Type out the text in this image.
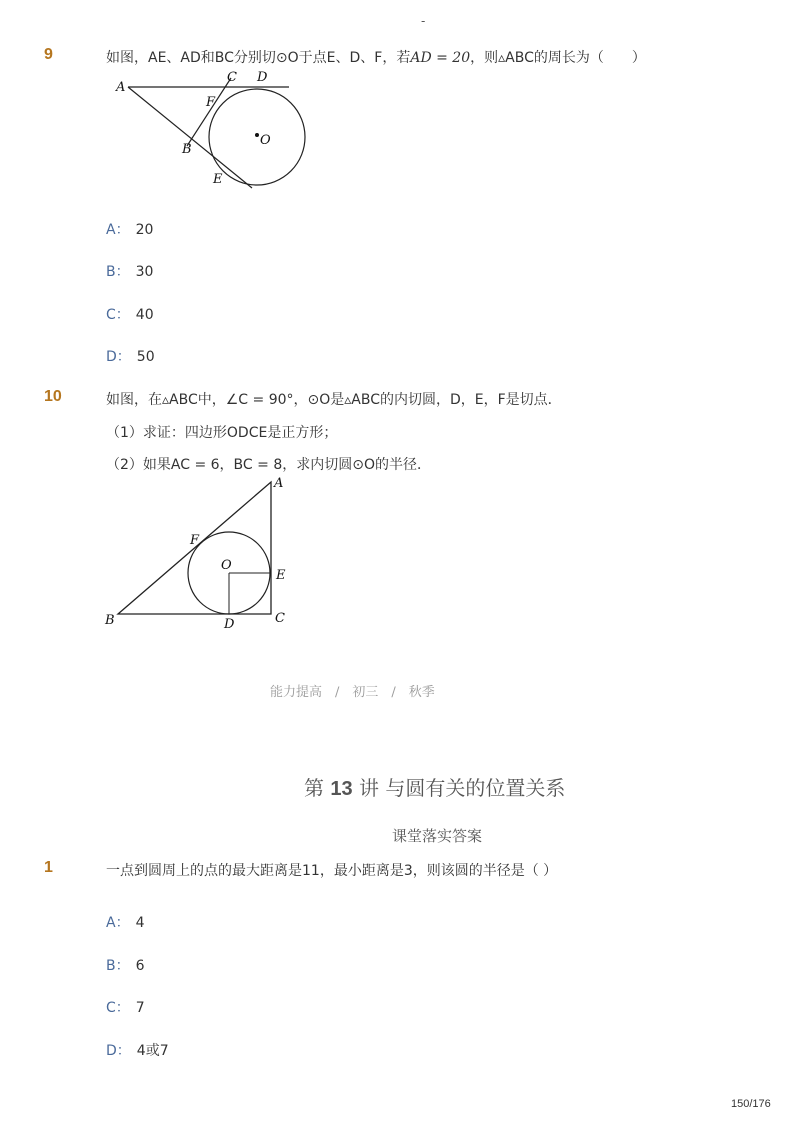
-
9	如图，AE、AD和BC分别切⊙O于点E、D、F，若AD = 20，则▵ABC的周长为（　　）
A
C D
F
B
O
E
A： 20
B： 30
C： 40
D： 50
10	如图，在▵ABC中，∠C = 90°，⊙O是▵ABC的内切圆，D，E，F是切点．
（1）求证：四边形ODCE是正方形；
（2）如果AC = 6，BC = 8，求内切圆⊙O的半径．
A
F
O
E
B	D	C
能力提高　/　初三　/　秋季
第 13 讲 与圆有关的位置关系
课堂落实答案
1	一点到圆周上的点的最大距离是11，最小距离是3，则该圆的半径是（ ）
A： 4
B： 6
C： 7
D： 4或7
150/176
